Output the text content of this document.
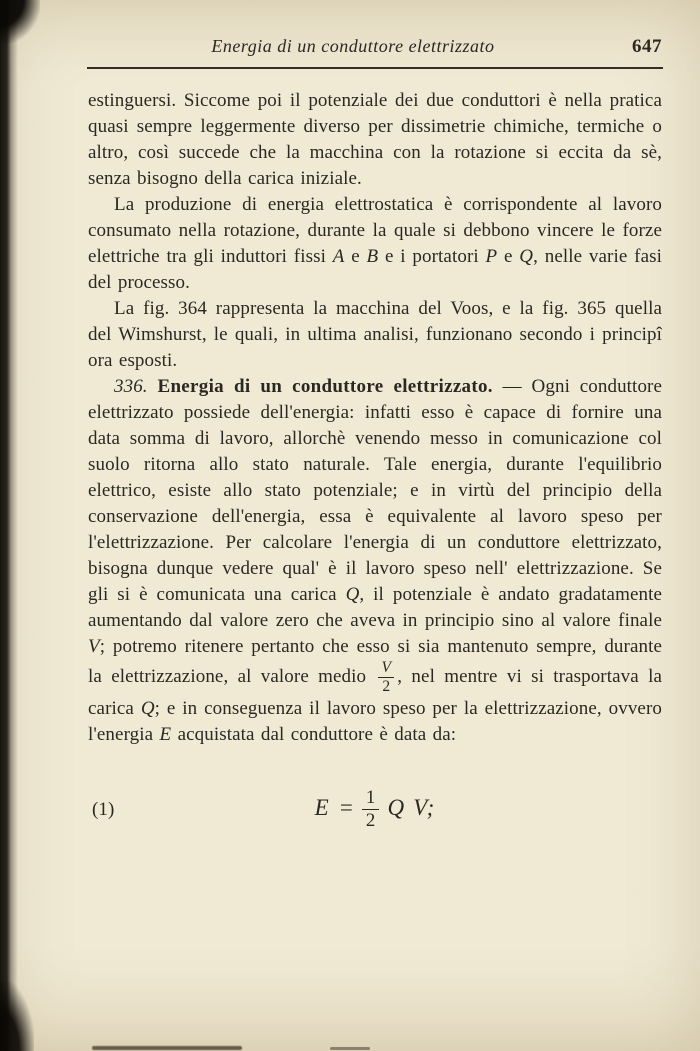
Energia di un conduttore elettrizzato	647

estinguersi. Siccome poi il potenziale dei due conduttori è nella pratica quasi sempre leggermente diverso per dissimetrie chimiche, termiche o altro, così succede che la macchina con la rotazione si eccita da sè, senza bisogno della carica iniziale.

La produzione di energia elettrostatica è corrispondente al lavoro consumato nella rotazione, durante la quale si debbono vincere le forze elettriche tra gli induttori fissi A e B e i portatori P e Q, nelle varie fasi del processo.

La fig. 364 rappresenta la macchina del Voos, e la fig. 365 quella del Wimshurst, le quali, in ultima analisi, funzionano secondo i principî ora esposti.

336. Energia di un conduttore elettrizzato. — Ogni conduttore elettrizzato possiede dell'energia: infatti esso è capace di fornire una data somma di lavoro, allorchè venendo messo in comunicazione col suolo ritorna allo stato naturale. Tale energia, durante l'equilibrio elettrico, esiste allo stato potenziale; e in virtù del principio della conservazione dell'energia, essa è equivalente al lavoro speso per l'elettrizzazione. Per calcolare l'energia di un conduttore elettrizzato, bisogna dunque vedere qual' è il lavoro speso nell' elettrizzazione. Se gli si è comunicata una carica Q, il potenziale è andato gradatamente aumentando dal valore zero che aveva in principio sino al valore finale V; potremo ritenere pertanto che esso si sia mantenuto sempre, durante la elettrizzazione, al valore medio $\frac{V}{2}$ , nel mentre vi si trasportava la carica Q; e in conseguenza il lavoro speso per la elettrizzazione, ovvero l'energia E acquistata dal conduttore è data da:

(1)	$E = \frac{1}{2}$ Q V;
